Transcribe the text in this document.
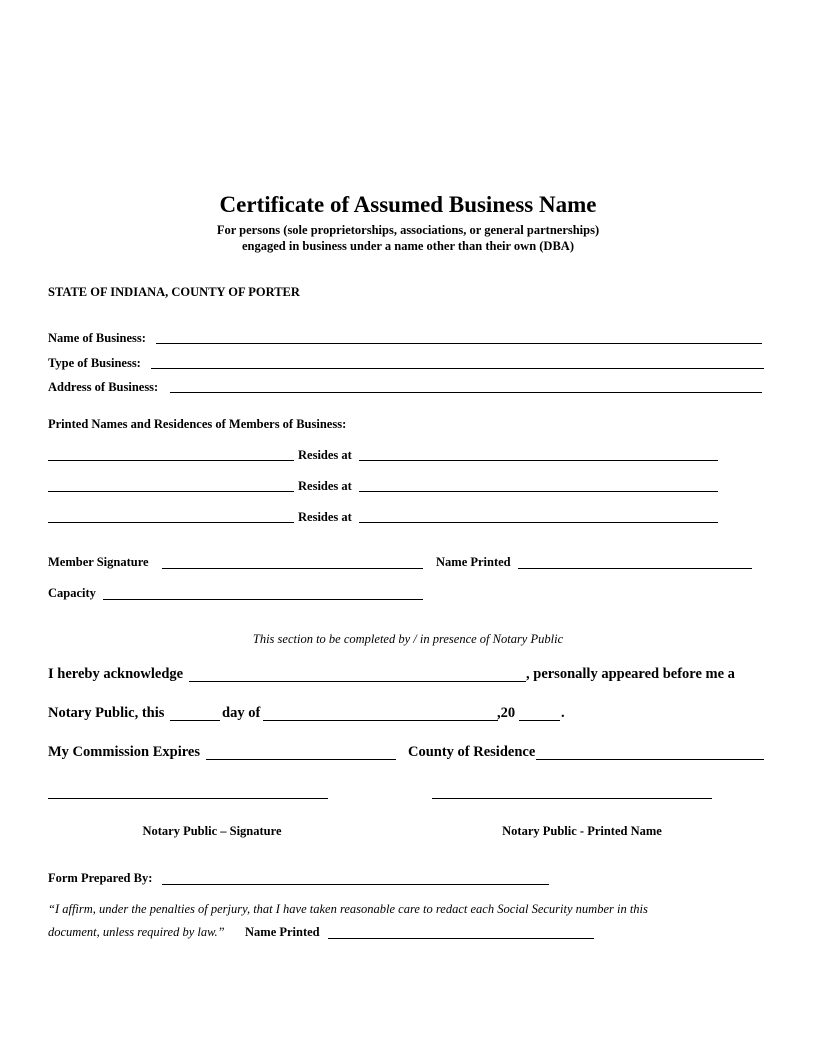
Certificate of Assumed Business Name
For persons (sole proprietorships, associations, or general partnerships)
engaged in business under a name other than their own (DBA)
STATE OF INDIANA, COUNTY OF PORTER
Name of Business:
Type of Business:
Address of Business:
Printed Names and Residences of Members of Business:
Resides at
Resides at
Resides at
Member Signature	Name Printed
Capacity
This section to be completed by / in presence of Notary Public
I hereby acknowledge	, personally appeared before me a
Notary Public, this	day of	,20	.
My Commission Expires	County of Residence
Notary Public – Signature	Notary Public - Printed Name
Form Prepared By:
“I affirm, under the penalties of perjury, that I have taken reasonable care to redact each Social Security number in this
document, unless required by law.” Name Printed
